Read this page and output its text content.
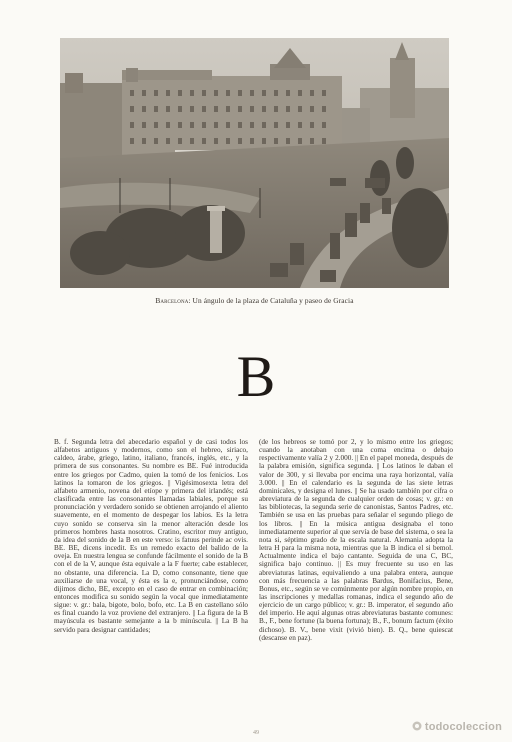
Barcelona: Un ángulo de la plaza de Cataluña y paseo de Gracia
B

B. f. Segunda letra del abecedario español y de casi todos los alfabetos antiguos y modernos, como son el hebreo, siriaco, caldeo, árabe, griego, latino, italiano, francés, inglés, etc., y la primera de sus consonantes. Su nombre es BE. Fué introducida entre los griegos por Cadmo, quien la tomó de los fenicios. Los latinos la tomaron de los griegos. || Vigésimosexta letra del alfabeto armenio, novena del etíope y primera del irlandés; está clasificada entre las consonantes llamadas labiales, porque su pronunciación y verdadero sonido se obtienen arrojando el aliento suavemente, en el momento de despegar los labios. Es la letra cuyo sonido se conserva sin la menor alteración desde los primeros hombres hasta nosotros. Cratino, escritor muy antiguo, da idea del sonido de la B en este verso: is fatuus perinde ac ovis. BE. BE, dicens incedit. Es un remedo exacto del balido de la oveja. En nuestra lengua se confunde fácilmente el sonido de la B con el de la V, aunque ésta equivale a la F fuerte; cabe establecer, no obstante, una diferencia. La D, como consonante, tiene que auxiliarse de una vocal, y ésta es la e, pronunciándose, como dijimos dicho, BE, excepto en el caso de entrar en combinación; entonces modifica su sonido según la vocal que inmediatamente sigue: v. gr.: bala, bigote, bolo, bofo, etc. La B en castellano sólo es final cuando la voz proviene del extranjero. || La figura de la B mayúscula es bastante semejante a la b minúscula. || La B ha servido para designar cantidades;

(de los hebreos se tomó por 2, y lo mismo entre los griegos; cuando la anotaban con una coma encima o debajo respectivamente valía 2 y 2.000. || En el papel moneda, después de la palabra emisión, significa segunda. || Los latinos le daban el valor de 300, y si llevaba por encima una raya horizontal, valía 3.000. || En el calendario es la segunda de las siete letras dominicales, y designa el lunes. || Se ha usado también por cifra o abreviatura de la segunda de cualquier orden de cosas; v. gr.: en las bibliotecas, la segunda serie de canonistas, Santos Padres, etc. También se usa en las pruebas para señalar el segundo pliego de los libros. || En la música antigua designaba el tono inmediatamente superior al que servía de base del sistema, o sea la nota si, séptimo grado de la escala natural. Alemania adopta la letra H para la misma nota, mientras que la B indica el si bemol. Actualmente indica el bajo cantante. Seguida de una C, BC, significa bajo continuo. || Es muy frecuente su uso en las abreviaturas latinas, equivaliendo a una palabra entera, aunque con más frecuencia a las palabras Bardus, Bonifacius, Bene, Bonus, etc., según se ve comúnmente por algún nombre propio, en las inscripciones y medallas romanas, indica el segundo año de ejercicio de un cargo público; v. gr.: B. imperator, el segundo año del imperio. He aquí algunas otras abreviaturas bastante comunes: B., F., bene fortune (la buena fortuna); B., F., bonum factum (éxito dichoso). B. V., bene vixit (vivió bien). B. Q., bene quiescat (descanse en paz).

49	todocoleccion
